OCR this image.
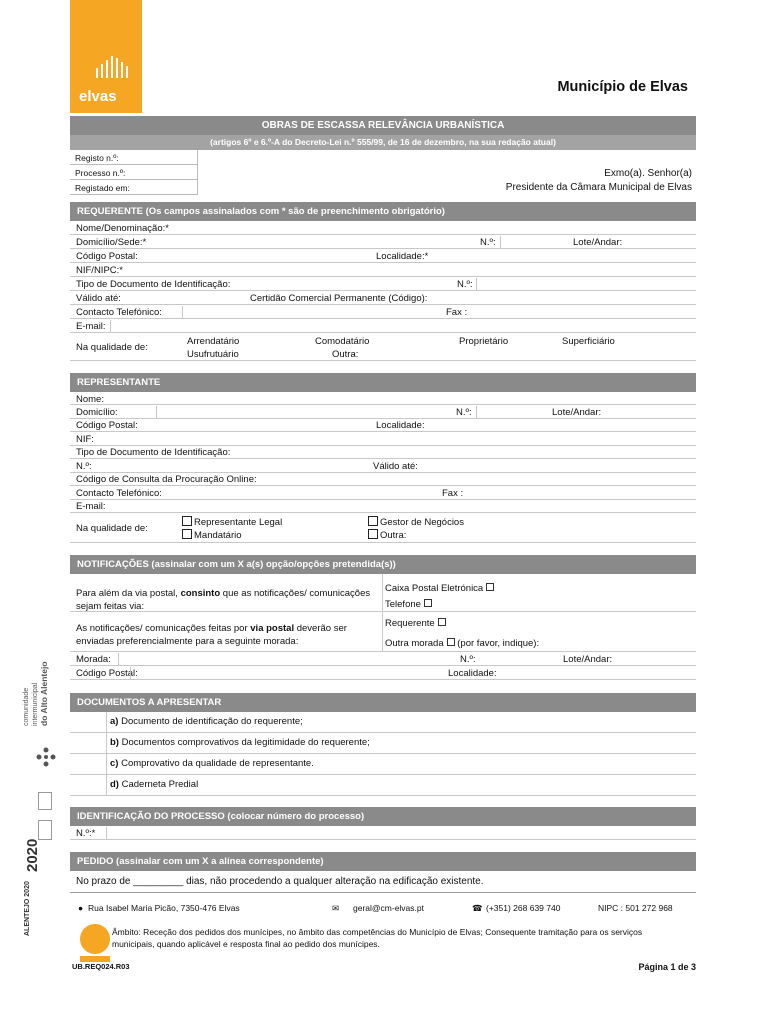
elvas
Município de Elvas
OBRAS DE ESCASSA RELEVÂNCIA URBANÍSTICA
(artigos 6º e 6.º-A do Decreto-Lei n.º 555/99, de 16 de dezembro, na sua redação atual)
Registo n.º:
Processo n.º:
Registado em:
Exmo(a). Senhor(a)
Presidente da Câmara Municipal de Elvas
REQUERENTE (Os campos assinalados com * são de preenchimento obrigatório)
Nome/Denominação:*
Domicílio/Sede:*	N.º:	Lote/Andar:
Código Postal:	Localidade:*
NIF/NIPC:*
Tipo de Documento de Identificação:	N.º:
Válido até:	Certidão Comercial Permanente (Código):
Contacto Telefónico:	Fax :
E-mail:
Na qualidade de:
Arrendatário	Comodatário	Proprietário	Superficiário
Usufrutuário	Outra:
REPRESENTANTE
Nome:
Domicílio:	N.º:	Lote/Andar:
Código Postal:	Localidade:
NIF:
Tipo de Documento de Identificação:
N.º:	Válido até:
Código de Consulta da Procuração Online:
Contacto Telefónico:	Fax :
E-mail:
Na qualidade de:
Representante Legal	Gestor de Negócios
Mandatário	Outra:
NOTIFICAÇÕES (assinalar com um X a(s) opção/opções pretendida(s))
Para além da via postal, consinto que as notificações/ comunicações sejam feitas via:
Caixa Postal Eletrónica
Telefone
As notificações/ comunicações feitas por via postal deverão ser enviadas preferencialmente para a seguinte morada:
Requerente
Outra morada (por favor, indique):
Morada:	N.º:	Lote/Andar:
Código Postal:	Localidade:
DOCUMENTOS A APRESENTAR
a) Documento de identificação do requerente;
b) Documentos comprovativos da legitimidade do requerente;
c) Comprovativo da qualidade de representante.
d) Caderneta Predial
IDENTIFICAÇÃO DO PROCESSO (colocar número do processo)
N.º:*
PEDIDO (assinalar com um X a alínea correspondente)
No prazo de _________ dias, não procedendo a qualquer alteração na edificação existente.
● Rua Isabel Maria Picão, 7350-476 Elvas	✉ geral@cm-elvas.pt	☎ (+351) 268 639 740	NIPC : 501 272 968
Âmbito: Receção dos pedidos dos munícipes, no âmbito das competências do Município de Elvas; Consequente tramitação para os serviços municipais, quando aplicável e resposta final ao pedido dos munícipes.
UB.REQ024.R03	Página 1 de 3
comunidade intermunicipal do Alto Alentejo
2020
ALENTEJO 2020
